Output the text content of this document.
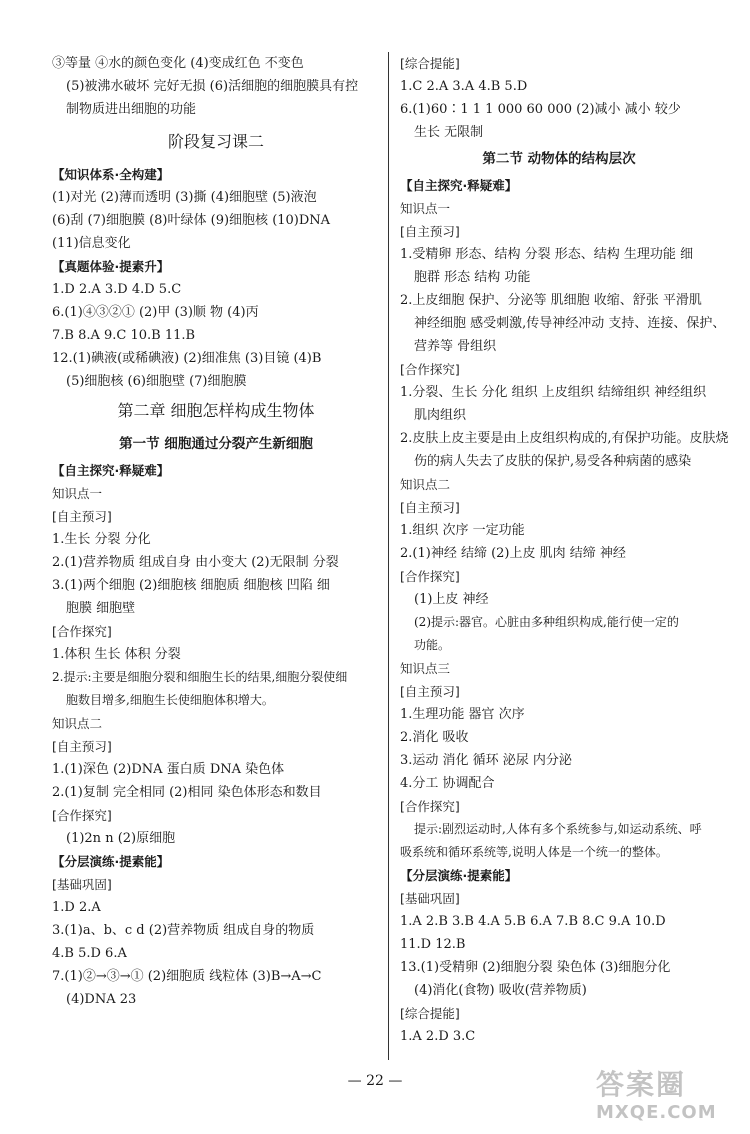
③等量 ④水的颜色变化 (4)变成红色 不变色
(5)被沸水破坏 完好无损 (6)活细胞的细胞膜具有控
制物质进出细胞的功能
阶段复习课二
【知识体系·全构建】
(1)对光 (2)薄而透明 (3)撕 (4)细胞壁 (5)液泡
(6)刮 (7)细胞膜 (8)叶绿体 (9)细胞核 (10)DNA
(11)信息变化
【真题体验·提素升】
1.D 2.A 3.D 4.D 5.C
6.(1)④③②① (2)甲 (3)顺 物 (4)丙
7.B 8.A 9.C 10.B 11.B
12.(1)碘液(或稀碘液) (2)细准焦 (3)目镜 (4)B
(5)细胞核 (6)细胞壁 (7)细胞膜
第二章 细胞怎样构成生物体
第一节 细胞通过分裂产生新细胞
【自主探究·释疑难】
知识点一
[自主预习]
1.生长 分裂 分化
2.(1)营养物质 组成自身 由小变大 (2)无限制 分裂
3.(1)两个细胞 (2)细胞核 细胞质 细胞核 凹陷 细
胞膜 细胞壁
[合作探究]
1.体积 生长 体积 分裂
2.提示:主要是细胞分裂和细胞生长的结果,细胞分裂使细
胞数目增多,细胞生长使细胞体积增大。
知识点二
[自主预习]
1.(1)深色 (2)DNA 蛋白质 DNA 染色体
2.(1)复制 完全相同 (2)相同 染色体形态和数目
[合作探究]
(1)2n n (2)原细胞
【分层演练·提素能】
[基础巩固]
1.D 2.A
3.(1)a、b、c d (2)营养物质 组成自身的物质
4.B 5.D 6.A
7.(1)②→③→① (2)细胞质 线粒体 (3)B→A→C
(4)DNA 23
[综合提能]
1.C 2.A 3.A 4.B 5.D
6.(1)60∶1 1 1 000 60 000 (2)减小 减小 较少
生长 无限制
第二节 动物体的结构层次
【自主探究·释疑难】
知识点一
[自主预习]
1.受精卵 形态、结构 分裂 形态、结构 生理功能 细
胞群 形态 结构 功能
2.上皮细胞 保护、分泌等 肌细胞 收缩、舒张 平滑肌
神经细胞 感受刺激,传导神经冲动 支持、连接、保护、
营养等 骨组织
[合作探究]
1.分裂、生长 分化 组织 上皮组织 结缔组织 神经组织
肌肉组织
2.皮肤上皮主要是由上皮组织构成的,有保护功能。皮肤烧
伤的病人失去了皮肤的保护,易受各种病菌的感染
知识点二
[自主预习]
1.组织 次序 一定功能
2.(1)神经 结缔 (2)上皮 肌肉 结缔 神经
[合作探究]
(1)上皮 神经
(2)提示:器官。心脏由多种组织构成,能行使一定的
功能。
知识点三
[自主预习]
1.生理功能 器官 次序
2.消化 吸收
3.运动 消化 循环 泌尿 内分泌
4.分工 协调配合
[合作探究]
提示:剧烈运动时,人体有多个系统参与,如运动系统、呼
吸系统和循环系统等,说明人体是一个统一的整体。
【分层演练·提素能】
[基础巩固]
1.A 2.B 3.B 4.A 5.B 6.A 7.B 8.C 9.A 10.D
11.D 12.B
13.(1)受精卵 (2)细胞分裂 染色体 (3)细胞分化
(4)消化(食物) 吸收(营养物质)
[综合提能]
1.A 2.D 3.C
— 22 —	答案圈
MXQE.COM
